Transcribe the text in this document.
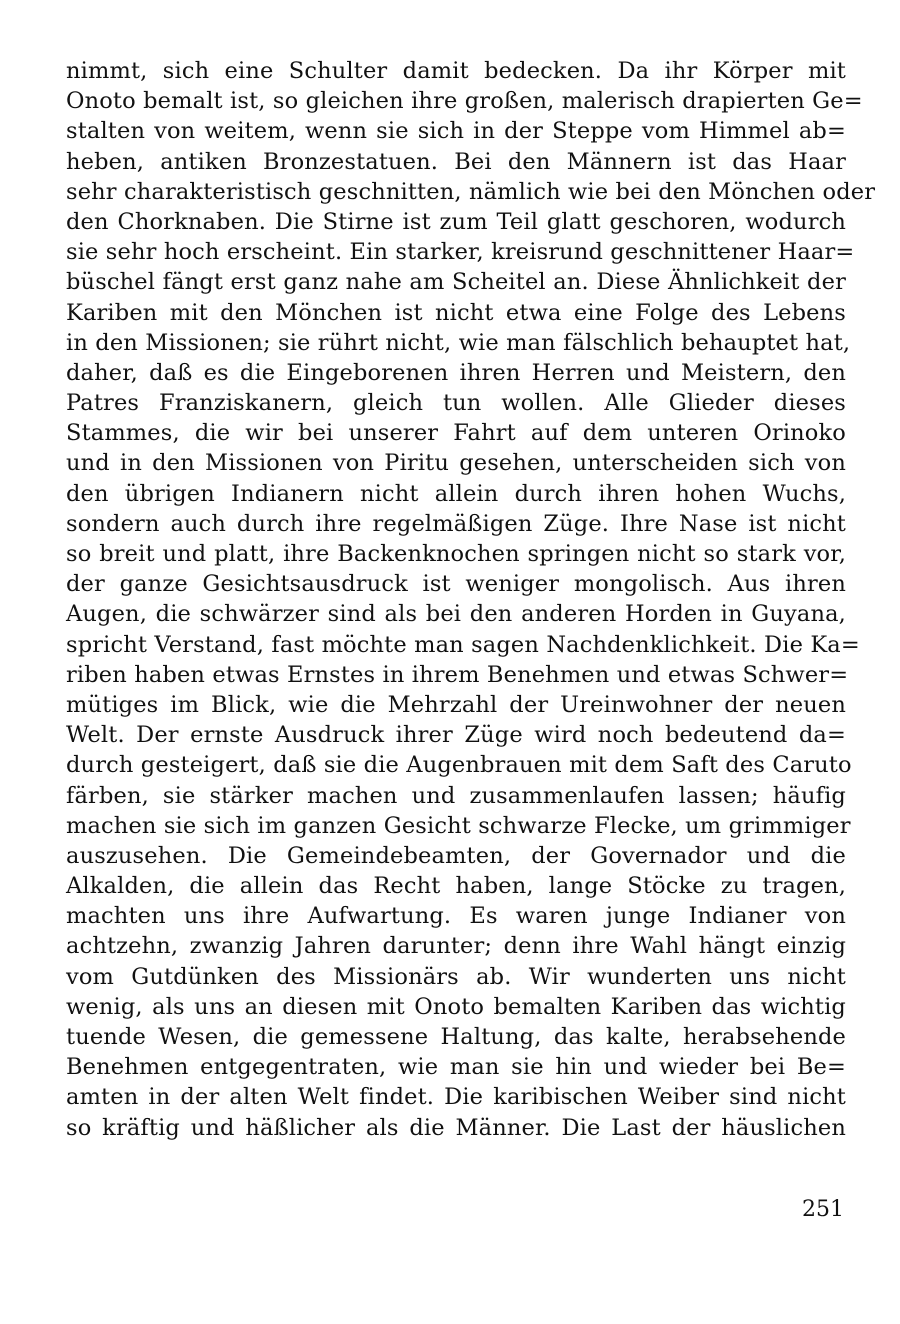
nimmt, sich eine Schulter damit bedecken. Da ihr Körper mit
Onoto bemalt ist, so gleichen ihre großen, malerisch drapierten Ge=
stalten von weitem, wenn sie sich in der Steppe vom Himmel ab=
heben, antiken Bronzestatuen. Bei den Männern ist das Haar
sehr charakteristisch geschnitten, nämlich wie bei den Mönchen oder
den Chorknaben. Die Stirne ist zum Teil glatt geschoren, wodurch
sie sehr hoch erscheint. Ein starker, kreisrund geschnittener Haar=
büschel fängt erst ganz nahe am Scheitel an. Diese Ähnlichkeit der
Kariben mit den Mönchen ist nicht etwa eine Folge des Lebens
in den Missionen; sie rührt nicht, wie man fälschlich behauptet hat,
daher, daß es die Eingeborenen ihren Herren und Meistern, den
Patres Franziskanern, gleich tun wollen. Alle Glieder dieses
Stammes, die wir bei unserer Fahrt auf dem unteren Orinoko
und in den Missionen von Piritu gesehen, unterscheiden sich von
den übrigen Indianern nicht allein durch ihren hohen Wuchs,
sondern auch durch ihre regelmäßigen Züge. Ihre Nase ist nicht
so breit und platt, ihre Backenknochen springen nicht so stark vor,
der ganze Gesichtsausdruck ist weniger mongolisch. Aus ihren
Augen, die schwärzer sind als bei den anderen Horden in Guyana,
spricht Verstand, fast möchte man sagen Nachdenklichkeit. Die Ka=
riben haben etwas Ernstes in ihrem Benehmen und etwas Schwer=
mütiges im Blick, wie die Mehrzahl der Ureinwohner der neuen
Welt. Der ernste Ausdruck ihrer Züge wird noch bedeutend da=
durch gesteigert, daß sie die Augenbrauen mit dem Saft des Caruto
färben, sie stärker machen und zusammenlaufen lassen; häufig
machen sie sich im ganzen Gesicht schwarze Flecke, um grimmiger
auszusehen. Die Gemeindebeamten, der Governador und die
Alkalden, die allein das Recht haben, lange Stöcke zu tragen,
machten uns ihre Aufwartung. Es waren junge Indianer von
achtzehn, zwanzig Jahren darunter; denn ihre Wahl hängt einzig
vom Gutdünken des Missionärs ab. Wir wunderten uns nicht
wenig, als uns an diesen mit Onoto bemalten Kariben das wichtig
tuende Wesen, die gemessene Haltung, das kalte, herabsehende
Benehmen entgegentraten, wie man sie hin und wieder bei Be=
amten in der alten Welt findet. Die karibischen Weiber sind nicht
so kräftig und häßlicher als die Männer. Die Last der häuslichen
251
